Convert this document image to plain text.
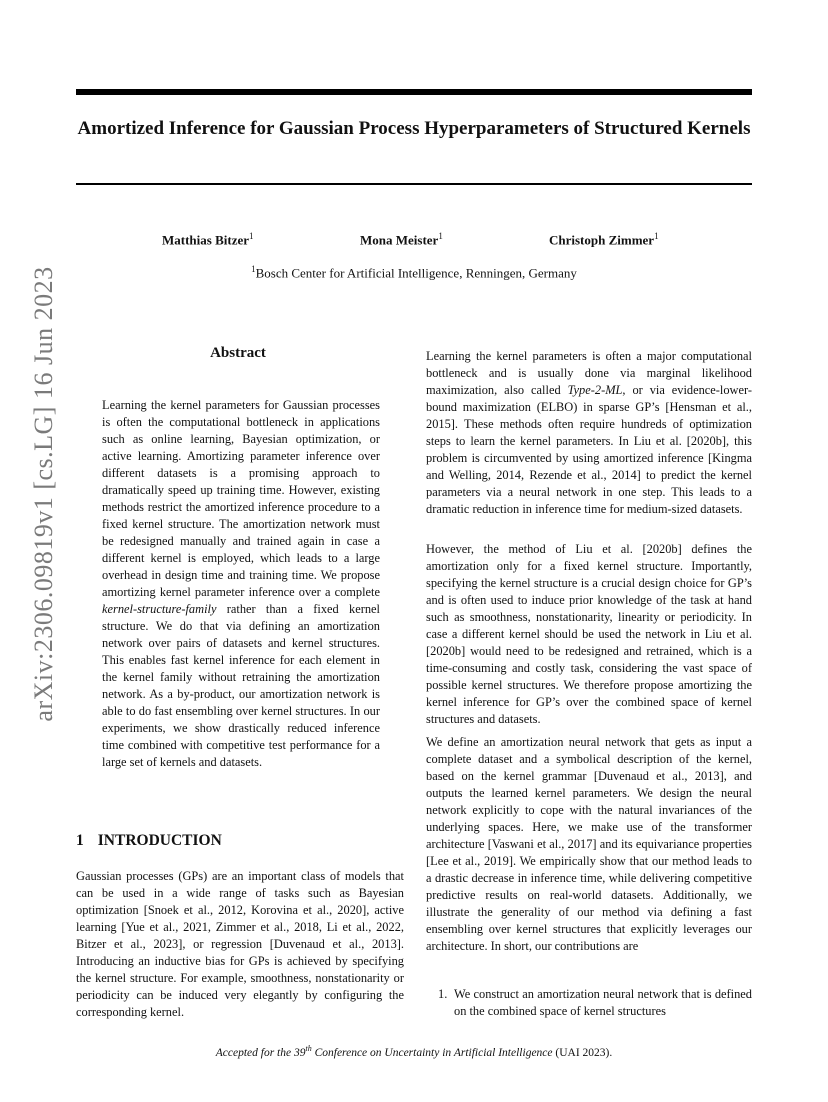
arXiv:2306.09819v1 [cs.LG] 16 Jun 2023
Amortized Inference for Gaussian Process Hyperparameters of Structured Kernels
Matthias Bitzer$^1$	Mona Meister$^1$	Christoph Zimmer$^1$
$^1$Bosch Center for Artificial Intelligence, Renningen, Germany
Abstract
Learning the kernel parameters for Gaussian processes is often the computational bottleneck in applications such as online learning, Bayesian optimization, or active learning. Amortizing parameter inference over different datasets is a promising approach to dramatically speed up training time. However, existing methods restrict the amortized inference procedure to a fixed kernel structure. The amortization network must be redesigned manually and trained again in case a different kernel is employed, which leads to a large overhead in design time and training time. We propose amortizing kernel parameter inference over a complete kernel-structure-family rather than a fixed kernel structure. We do that via defining an amortization network over pairs of datasets and kernel structures. This enables fast kernel inference for each element in the kernel family without retraining the amortization network. As a by-product, our amortization network is able to do fast ensembling over kernel structures. In our experiments, we show drastically reduced inference time combined with competitive test performance for a large set of kernels and datasets.
1 INTRODUCTION

Gaussian processes (GPs) are an important class of models that can be used in a wide range of tasks such as Bayesian optimization [Snoek et al., 2012, Korovina et al., 2020], active learning [Yue et al., 2021, Zimmer et al., 2018, Li et al., 2022, Bitzer et al., 2023], or regression [Duvenaud et al., 2013]. Introducing an inductive bias for GPs is achieved by specifying the kernel structure. For example, smoothness, nonstationarity or periodicity can be induced very elegantly by configuring the corresponding kernel.

Learning the kernel parameters is often a major computational bottleneck and is usually done via marginal likelihood maximization, also called Type-2-ML, or via evidence-lower-bound maximization (ELBO) in sparse GP’s [Hensman et al., 2015]. These methods often require hundreds of optimization steps to learn the kernel parameters. In Liu et al. [2020b], this problem is circumvented by using amortized inference [Kingma and Welling, 2014, Rezende et al., 2014] to predict the kernel parameters via a neural network in one step. This leads to a dramatic reduction in inference time for medium-sized datasets.
However, the method of Liu et al. [2020b] defines the amortization only for a fixed kernel structure. Importantly, specifying the kernel structure is a crucial design choice for GP’s and is often used to induce prior knowledge of the task at hand such as smoothness, nonstationarity, linearity or periodicity. In case a different kernel should be used the network in Liu et al. [2020b] would need to be redesigned and retrained, which is a time-consuming and costly task, considering the vast space of possible kernel structures. We therefore propose amortizing the kernel inference for GP’s over the combined space of kernel structures and datasets.
We define an amortization neural network that gets as input a complete dataset and a symbolical description of the kernel, based on the kernel grammar [Duvenaud et al., 2013], and outputs the learned kernel parameters. We design the neural network explicitly to cope with the natural invariances of the underlying spaces. Here, we make use of the transformer architecture [Vaswani et al., 2017] and its equivariance properties [Lee et al., 2019]. We empirically show that our method leads to a drastic decrease in inference time, while delivering competitive predictive results on real-world datasets. Additionally, we illustrate the generality of our method via defining a fast ensembling over kernel structures that explicitly leverages our architecture. In short, our contributions are
1. We construct an amortization neural network that is defined on the combined space of kernel structures
Accepted for the 39th Conference on Uncertainty in Artificial Intelligence (UAI 2023).
